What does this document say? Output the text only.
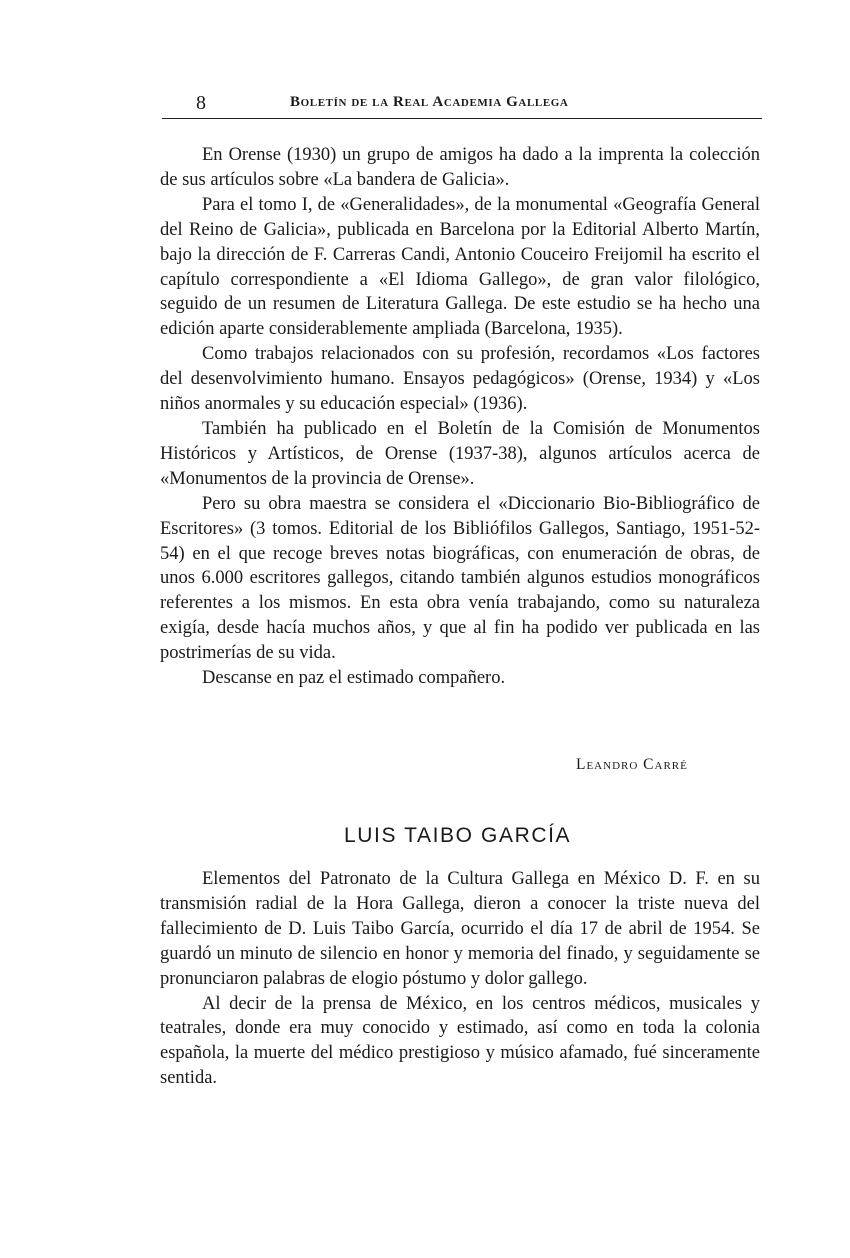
8	Boletín de la Real Academia Gallega

En Orense (1930) un grupo de amigos ha dado a la imprenta la colección de sus artículos sobre «La bandera de Galicia».

Para el tomo I, de «Generalidades», de la monumental «Geografía General del Reino de Galicia», publicada en Barcelona por la Editorial Alberto Martín, bajo la dirección de F. Carreras Candi, Antonio Couceiro Freijomil ha escrito el capítulo correspondiente a «El Idioma Gallego», de gran valor filológico, seguido de un resumen de Literatura Gallega. De este estudio se ha hecho una edición aparte considerablemente ampliada (Barcelona, 1935).

Como trabajos relacionados con su profesión, recordamos «Los factores del desenvolvimiento humano. Ensayos pedagógicos» (Orense, 1934) y «Los niños anormales y su educación especial» (1936).

También ha publicado en el Boletín de la Comisión de Monumentos Históricos y Artísticos, de Orense (1937-38), algunos artículos acerca de «Monumentos de la provincia de Orense».

Pero su obra maestra se considera el «Diccionario Bio-Bibliográfico de Escritores» (3 tomos. Editorial de los Bibliófilos Gallegos, Santiago, 1951-52-54) en el que recoge breves notas biográficas, con enumeración de obras, de unos 6.000 escritores gallegos, citando también algunos estudios monográficos referentes a los mismos. En esta obra venía trabajando, como su naturaleza exigía, desde hacía muchos años, y que al fin ha podido ver publicada en las postrimerías de su vida.

Descanse en paz el estimado compañero.

Leandro Carré
LUIS TAIBO GARCÍA

Elementos del Patronato de la Cultura Gallega en México D. F. en su transmisión radial de la Hora Gallega, dieron a conocer la triste nueva del fallecimiento de D. Luis Taibo García, ocurrido el día 17 de abril de 1954. Se guardó un minuto de silencio en honor y memoria del finado, y seguidamente se pronunciaron palabras de elogio póstumo y dolor gallego.

Al decir de la prensa de México, en los centros médicos, musicales y teatrales, donde era muy conocido y estimado, así como en toda la colonia española, la muerte del médico prestigioso y músico afamado, fué sinceramente sentida.
